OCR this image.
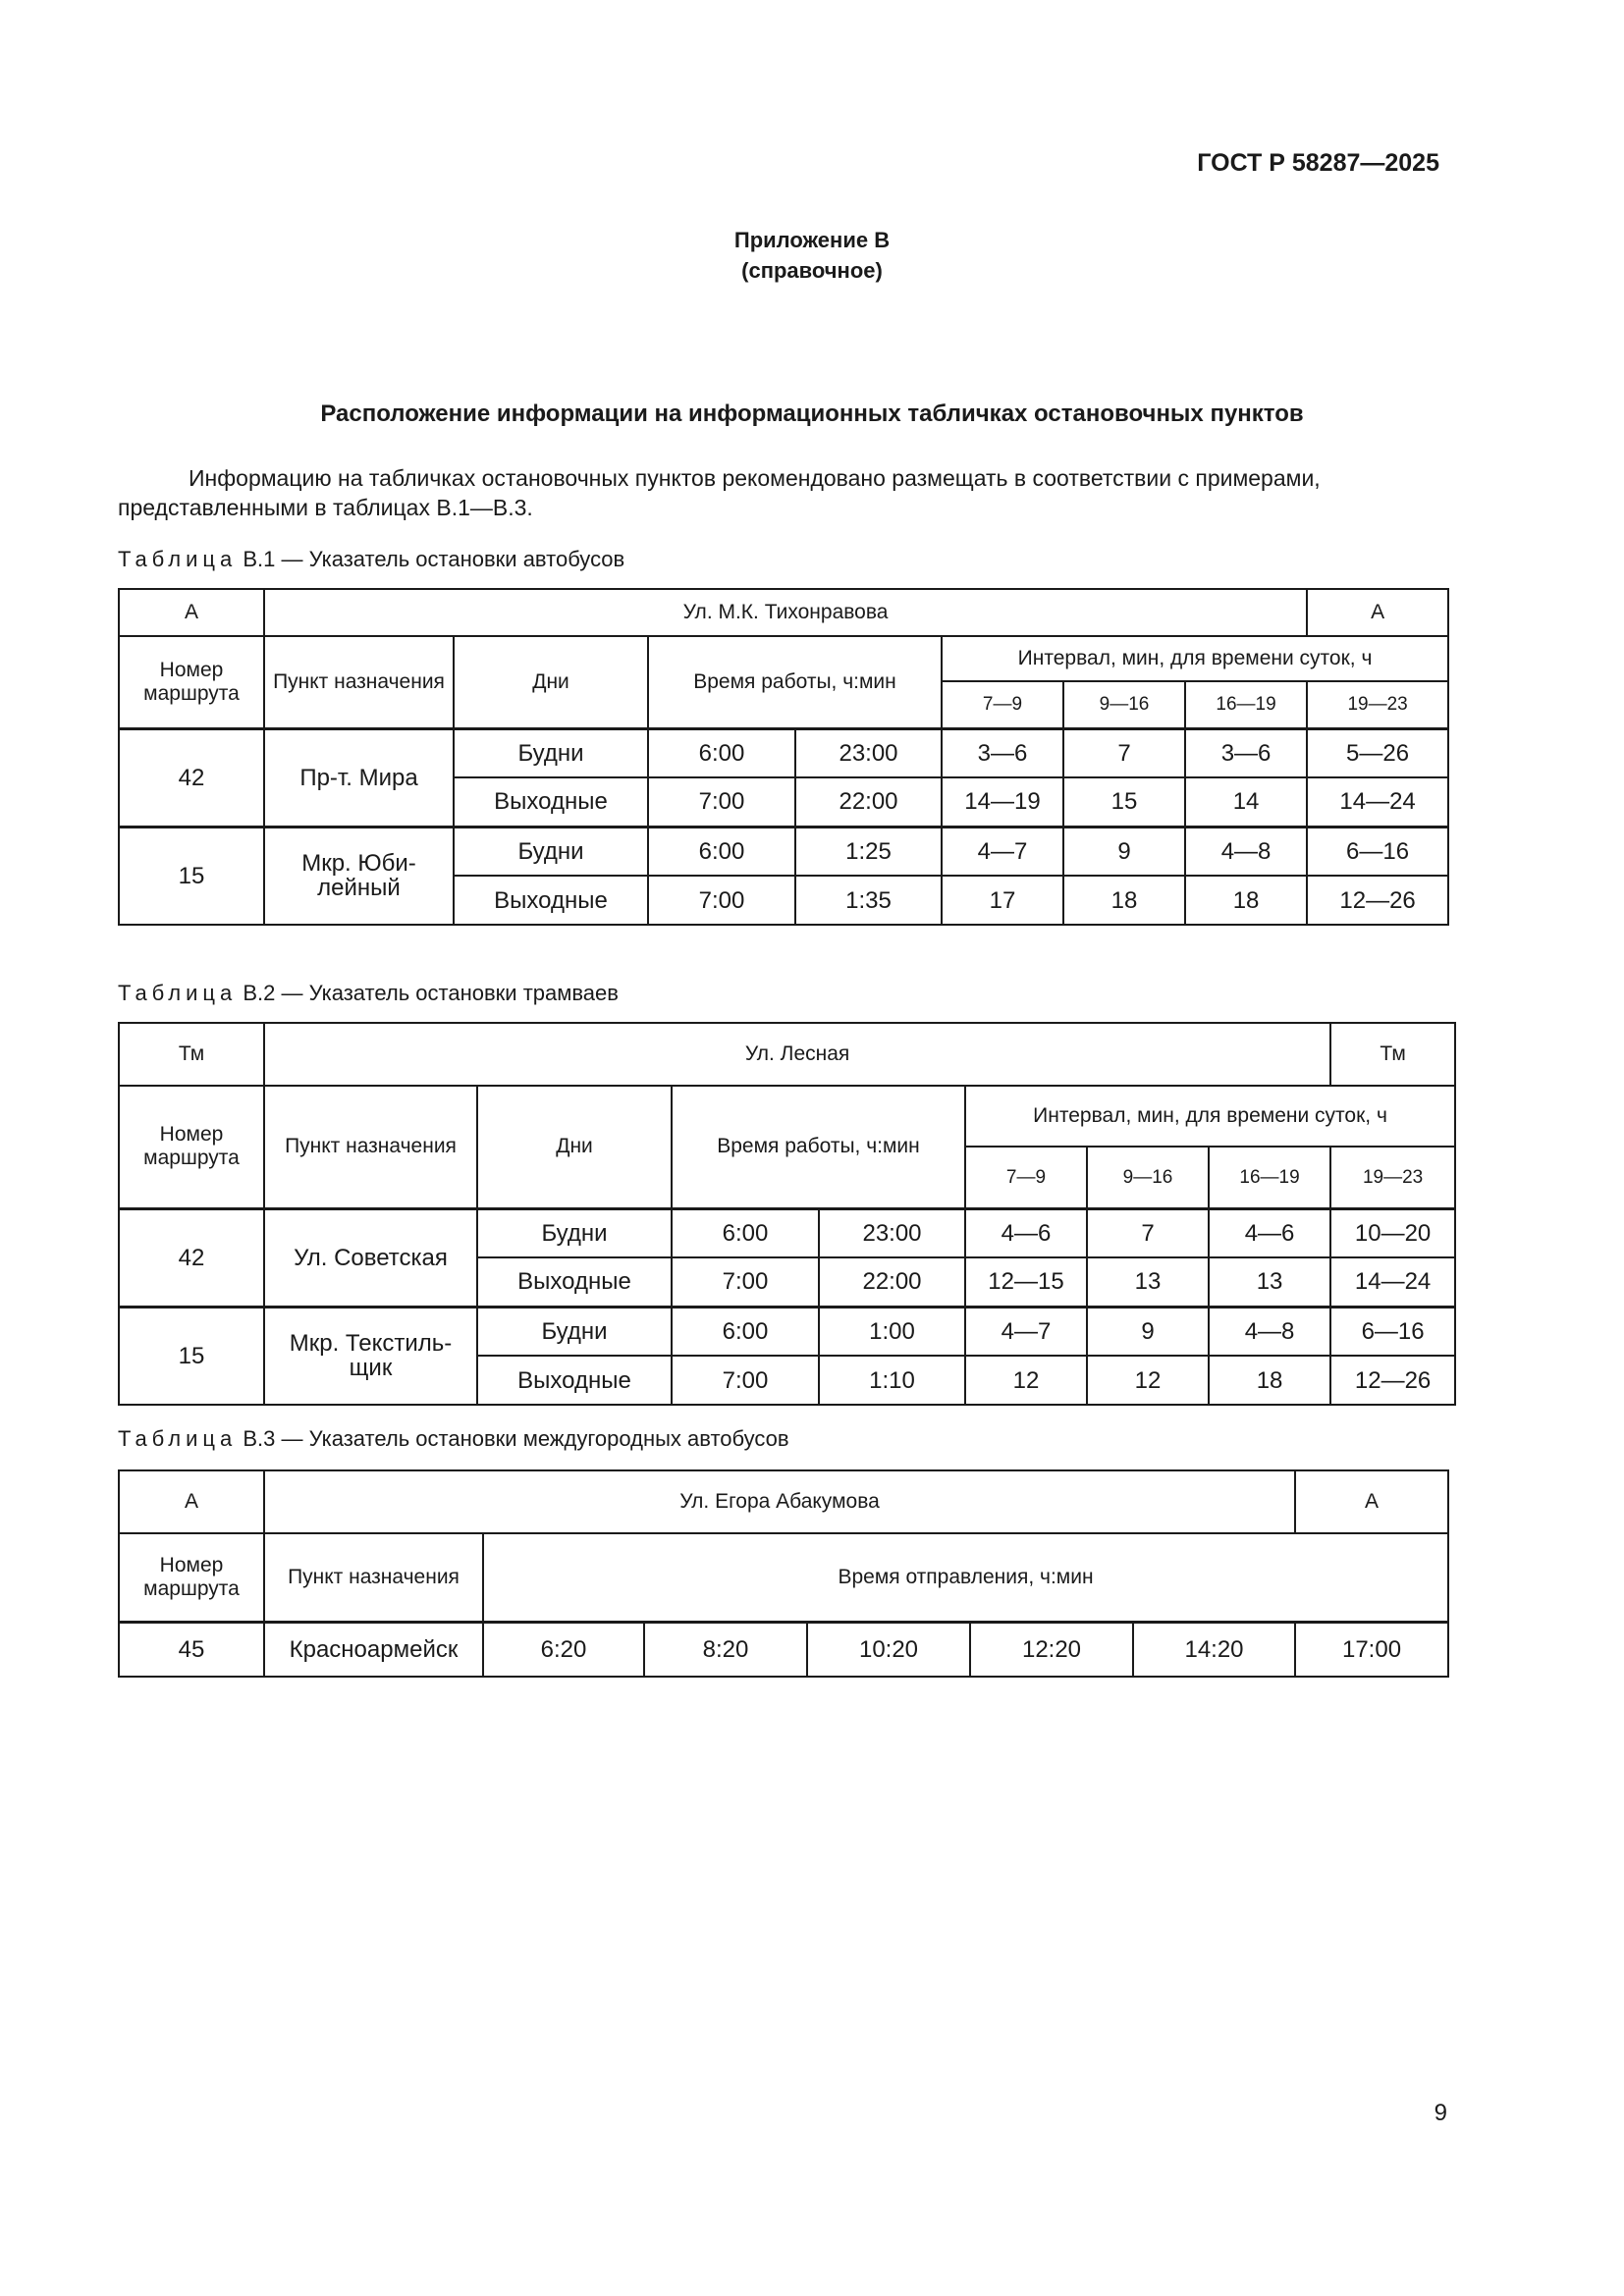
ГОСТ Р 58287—2025
Приложение В
(справочное)
Расположение информации на информационных табличках остановочных пунктов

Информацию на табличках остановочных пунктов рекомендовано размещать в соответствии с примерами, представленными в таблицах В.1—В.3.

Таблица В.1 — Указатель остановки автобусов
А	Ул. М.К. Тихонравова							А
Номер маршрута	Пункт назначения	Дни	Время работы, ч:мин		Интервал, мин, для времени суток, ч			
					7—9	9—16	16—19	19—23
42	Пр-т. Мира	Будни	6:00	23:00	3—6	7	3—6	5—26
		Выходные	7:00	22:00	14—19	15	14	14—24
15	Мкр. Юби-лейный	Будни	6:00	1:25	4—7	9	4—8	6—16
		Выходные	7:00	1:35	17	18	18	12—26
Таблица В.2 — Указатель остановки трамваев
Тм	Ул. Лесная							Тм
Номер маршрута	Пункт назначения	Дни	Время работы, ч:мин		Интервал, мин, для времени суток, ч			
					7—9	9—16	16—19	19—23
42	Ул. Советская	Будни	6:00	23:00	4—6	7	4—6	10—20
		Выходные	7:00	22:00	12—15	13	13	14—24
15	Мкр. Текстиль-щик	Будни	6:00	1:00	4—7	9	4—8	6—16
		Выходные	7:00	1:10	12	12	18	12—26
Таблица В.3 — Указатель остановки междугородных автобусов
А	Ул. Егора Абакумова						А
Номер маршрута	Пункт назначения	Время отправления, ч:мин					
45	Красноармейск	6:20	8:20	10:20	12:20	14:20	17:00
9
